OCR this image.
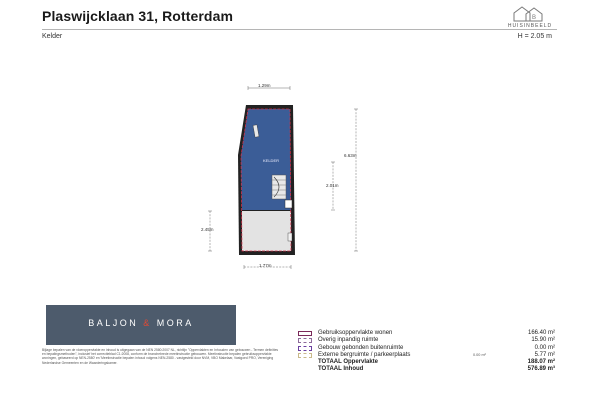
Plaswijcklaan 31, Rotterdam	B
HUISINBEELD
Kelder	H = 2.05 m
1.29m
6.63m
2.01m
2.45m
1.77m
KELDER
BALJON & MORA
Bijlage bepalen van de vloeroppervlakte en inhoud is uitgegaan van de NEN 2580:2007 NL, richtlijn "Oppervlakten en Inhouden van gebouwen - Termen definities en bepalingsmethoden", inclusief het correctieblad C1:2008, conform de branchebrede meetinstructie gebouwen. Meetinstructie bepalen gebruiksoppervlakte woningen, gebaseerd op NEN-2580' en 'Meetinstructie bepalen inhoud volgens NEN-2580 - vastgesteld door NVM, VBO Makelaar, Vastgoed PRO, Vereniging Nederlandse Gemeenten en de Waarderingskamer.
Gebruiksoppervlakte wonen	166.40 m²
Overig inpandig ruimte	15.90 m²
Gebouw gebonden buitenruimte	0.00 m²
Externe bergruimte / parkeerplaats	0.00 m²	5.77 m²
TOTAAL Oppervlakte	188.07 m²
TOTAAL Inhoud	576.89 m³
